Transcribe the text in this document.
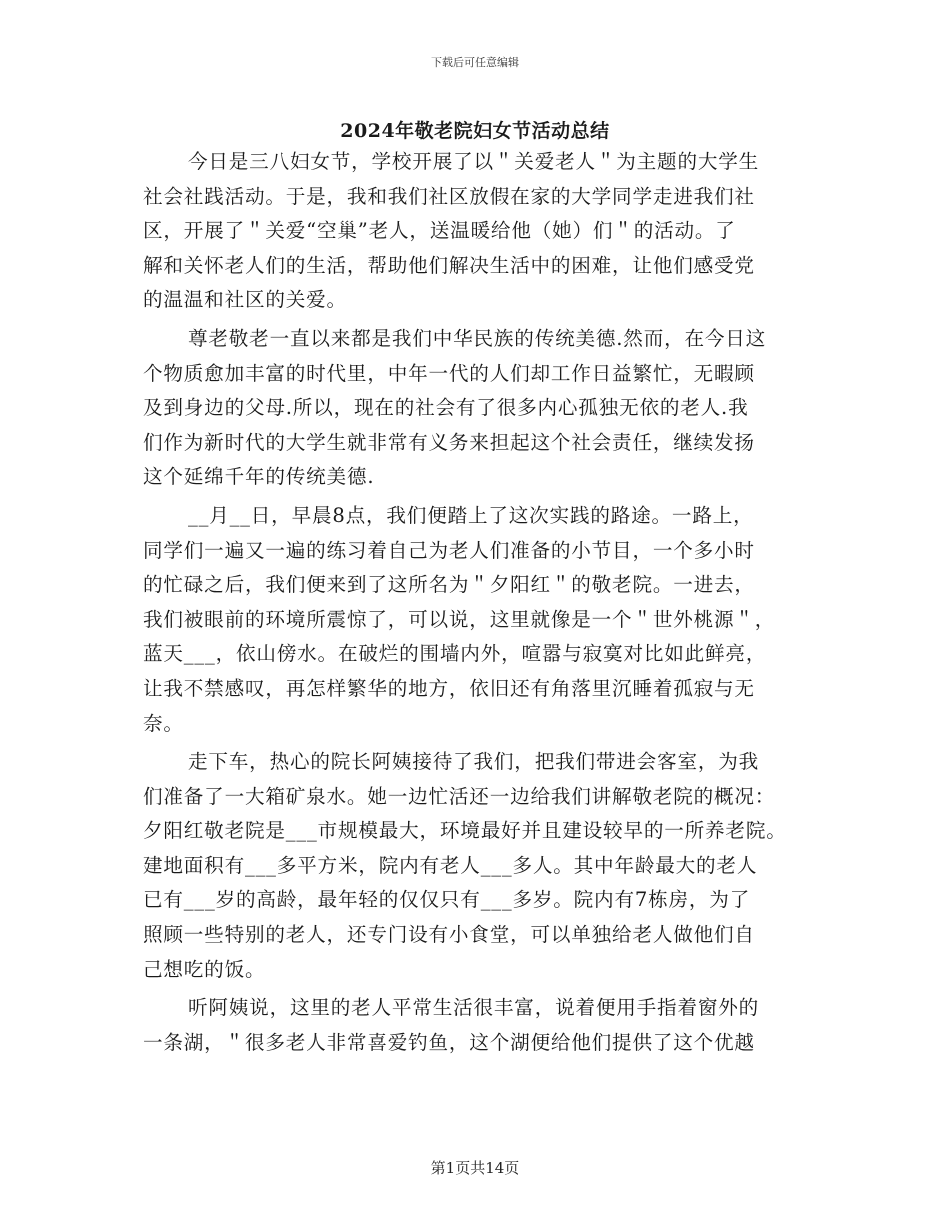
下载后可任意编辑
2024年敬老院妇女节活动总结
今日是三八妇女节，学校开展了以＂关爱老人＂为主题的大学生
社会社践活动。于是，我和我们社区放假在家的大学同学走进我们社
区，开展了＂关爱“空巢”老人，送温暖给他（她）们＂的活动。了
解和关怀老人们的生活，帮助他们解决生活中的困难，让他们感受党
的温温和社区的关爱。
尊老敬老一直以来都是我们中华民族的传统美德.然而，在今日这
个物质愈加丰富的时代里，中年一代的人们却工作日益繁忙，无暇顾
及到身边的父母.所以，现在的社会有了很多内心孤独无依的老人.我
们作为新时代的大学生就非常有义务来担起这个社会责任，继续发扬
这个延绵千年的传统美德.
__月__日，早晨8点，我们便踏上了这次实践的路途。一路上，
同学们一遍又一遍的练习着自己为老人们准备的小节目，一个多小时
的忙碌之后，我们便来到了这所名为＂夕阳红＂的敬老院。一进去，
我们被眼前的环境所震惊了，可以说，这里就像是一个＂世外桃源＂，
蓝天___，依山傍水。在破烂的围墙内外，喧嚣与寂寞对比如此鲜亮，
让我不禁感叹，再怎样繁华的地方，依旧还有角落里沉睡着孤寂与无
奈。
走下车，热心的院长阿姨接待了我们，把我们带进会客室，为我
们准备了一大箱矿泉水。她一边忙活还一边给我们讲解敬老院的概况：
夕阳红敬老院是___市规模最大，环境最好并且建设较早的一所养老院。
建地面积有___多平方米，院内有老人___多人。其中年龄最大的老人
已有___岁的高龄，最年轻的仅仅只有___多岁。院内有7栋房，为了
照顾一些特别的老人，还专门设有小食堂，可以单独给老人做他们自
己想吃的饭。
听阿姨说，这里的老人平常生活很丰富，说着便用手指着窗外的
一条湖，＂很多老人非常喜爱钓鱼，这个湖便给他们提供了这个优越
第1页共14页
